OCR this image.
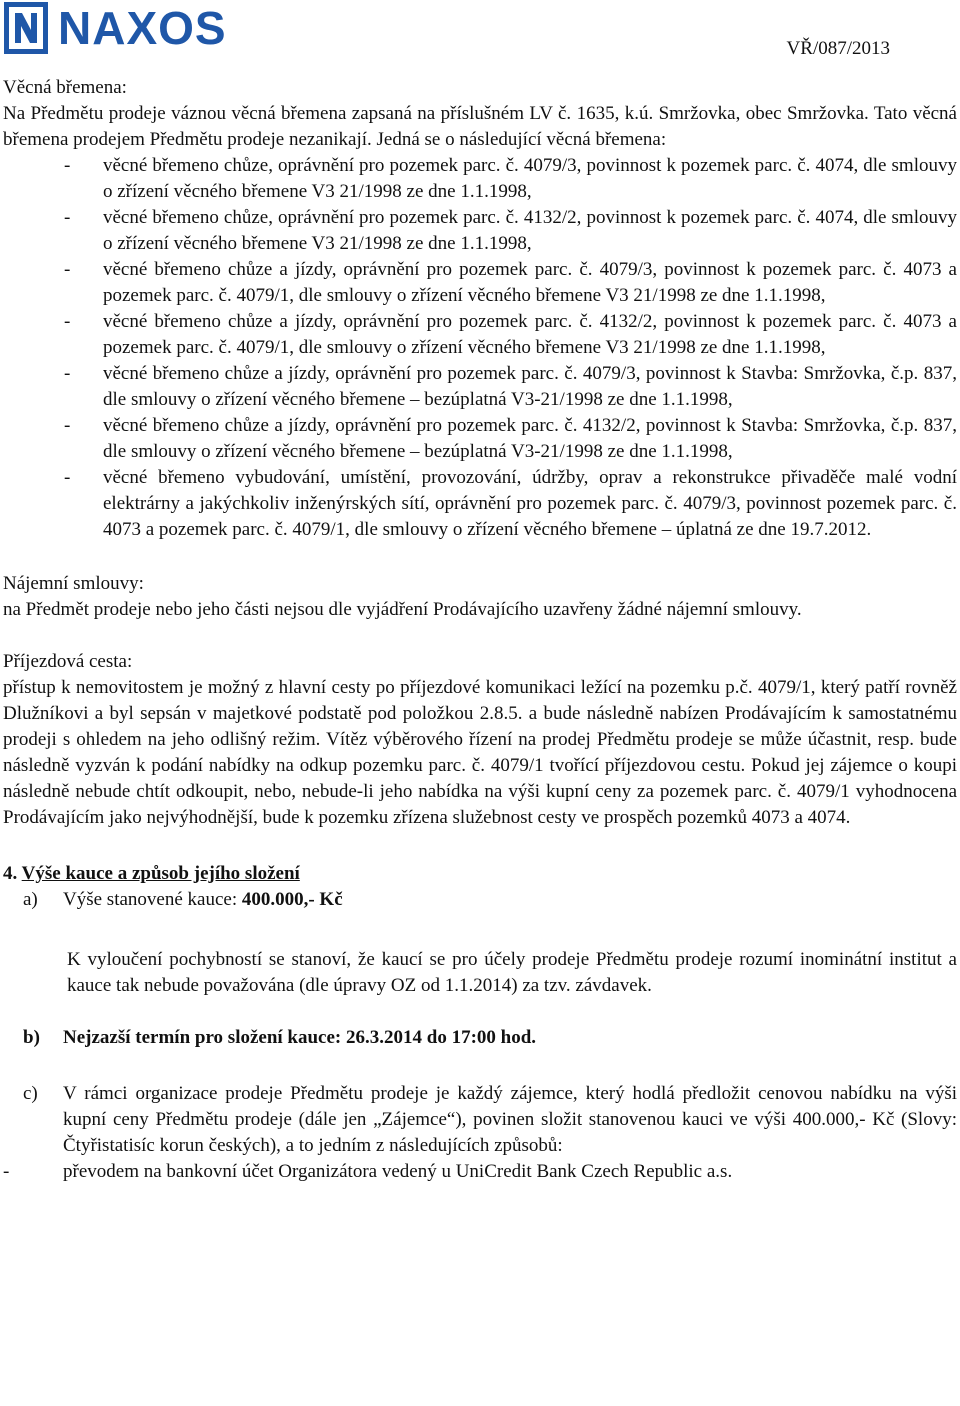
NAXOS	VŘ/087/2013

Věcná břemena:

Na Předmětu prodeje váznou věcná břemena zapsaná na příslušném LV č. 1635, k.ú. Smržovka, obec Smržovka. Tato věcná břemena prodejem Předmětu prodeje nezanikají. Jedná se o následující věcná břemena:

- věcné břemeno chůze, oprávnění pro pozemek parc. č. 4079/3, povinnost k pozemek parc. č. 4074, dle smlouvy o zřízení věcného břemene V3 21/1998 ze dne 1.1.1998,
- věcné břemeno chůze, oprávnění pro pozemek parc. č. 4132/2, povinnost k pozemek parc. č. 4074, dle smlouvy o zřízení věcného břemene V3 21/1998 ze dne 1.1.1998,
- věcné břemeno chůze a jízdy, oprávnění pro pozemek parc. č. 4079/3, povinnost k pozemek parc. č. 4073 a pozemek parc. č. 4079/1, dle smlouvy o zřízení věcného břemene V3 21/1998 ze dne 1.1.1998,
- věcné břemeno chůze a jízdy, oprávnění pro pozemek parc. č. 4132/2, povinnost k pozemek parc. č. 4073 a pozemek parc. č. 4079/1, dle smlouvy o zřízení věcného břemene V3 21/1998 ze dne 1.1.1998,
- věcné břemeno chůze a jízdy, oprávnění pro pozemek parc. č. 4079/3, povinnost k Stavba: Smržovka, č.p. 837, dle smlouvy o zřízení věcného břemene – bezúplatná V3-21/1998 ze dne 1.1.1998,
- věcné břemeno chůze a jízdy, oprávnění pro pozemek parc. č. 4132/2, povinnost k Stavba: Smržovka, č.p. 837, dle smlouvy o zřízení věcného břemene – bezúplatná V3-21/1998 ze dne 1.1.1998,
- věcné břemeno vybudování, umístění, provozování, údržby, oprav a rekonstrukce přivaděče malé vodní elektrárny a jakýchkoliv inženýrských sítí, oprávnění pro pozemek parc. č. 4079/3, povinnost pozemek parc. č. 4073 a pozemek parc. č. 4079/1, dle smlouvy o zřízení věcného břemene – úplatná ze dne 19.7.2012.

Nájemní smlouvy:

na Předmět prodeje nebo jeho části nejsou dle vyjádření Prodávajícího uzavřeny žádné nájemní smlouvy.

Příjezdová cesta:

přístup k nemovitostem je možný z hlavní cesty po příjezdové komunikaci ležící na pozemku p.č. 4079/1, který patří rovněž Dlužníkovi a byl sepsán v majetkové podstatě pod položkou 2.8.5. a bude následně nabízen Prodávajícím k samostatnému prodeji s ohledem na jeho odlišný režim. Vítěz výběrového řízení na prodej Předmětu prodeje se může účastnit, resp. bude následně vyzván k podání nabídky na odkup pozemku parc. č. 4079/1 tvořící příjezdovou cestu. Pokud jej zájemce o koupi následně nebude chtít odkoupit, nebo, nebude-li jeho nabídka na výši kupní ceny za pozemek parc. č. 4079/1 vyhodnocena Prodávajícím jako nejvýhodnější, bude k pozemku zřízena služebnost cesty ve prospěch pozemků 4073 a 4074.

4. Výše kauce a způsob jejího složení

a) Výše stanovené kauce: 400.000,- Kč

K vyloučení pochybností se stanoví, že kaucí se pro účely prodeje Předmětu prodeje rozumí inominátní institut a kauce tak nebude považována (dle úpravy OZ od 1.1.2014) za tzv. závdavek.

b) Nejzazší termín pro složení kauce: 26.3.2014 do 17:00 hod.
c) V rámci organizace prodeje Předmětu prodeje je každý zájemce, který hodlá předložit cenovou nabídku na výši kupní ceny Předmětu prodeje (dále jen „Zájemce“), povinen složit stanovenou kauci ve výši 400.000,- Kč (Slovy: Čtyřistatisíc korun českých), a to jedním z následujících způsobů:
-	převodem na bankovní účet Organizátora vedený u UniCredit Bank Czech Republic a.s.
